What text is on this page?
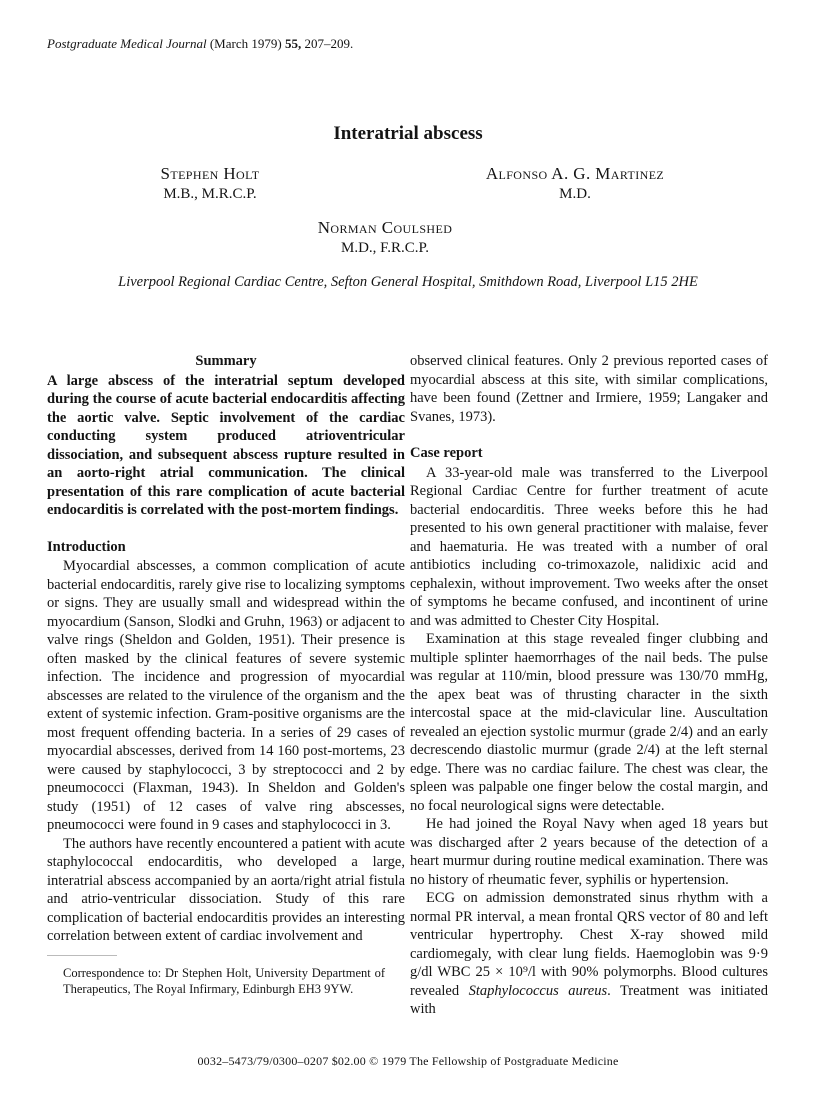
Postgraduate Medical Journal (March 1979) 55, 207–209.
Interatrial abscess
Stephen Holt
M.B., M.R.C.P.
Alfonso A. G. Martinez
M.D.
Norman Coulshed
M.D., F.R.C.P.
Liverpool Regional Cardiac Centre, Sefton General Hospital, Smithdown Road, Liverpool L15 2HE
Summary

A large abscess of the interatrial septum developed during the course of acute bacterial endocarditis affecting the aortic valve. Septic involvement of the cardiac conducting system produced atrioventricular dissociation, and subsequent abscess rupture resulted in an aorto-right atrial communication. The clinical presentation of this rare complication of acute bacterial endocarditis is correlated with the post-mortem findings.

Introduction

Myocardial abscesses, a common complication of acute bacterial endocarditis, rarely give rise to localizing symptoms or signs. They are usually small and widespread within the myocardium (Sanson, Slodki and Gruhn, 1963) or adjacent to valve rings (Sheldon and Golden, 1951). Their presence is often masked by the clinical features of severe systemic infection. The incidence and progression of myocardial abscesses are related to the virulence of the organism and the extent of systemic infection. Gram-positive organisms are the most frequent offending bacteria. In a series of 29 cases of myocardial abscesses, derived from 14 160 post-mortems, 23 were caused by staphylococci, 3 by streptococci and 2 by pneumococci (Flaxman, 1943). In Sheldon and Golden's study (1951) of 12 cases of valve ring abscesses, pneumococci were found in 9 cases and staphylococci in 3.

The authors have recently encountered a patient with acute staphylococcal endocarditis, who developed a large, interatrial abscess accompanied by an aorta/right atrial fistula and atrio-ventricular dissociation. Study of this rare complication of bacterial endocarditis provides an interesting correlation between extent of cardiac involvement and

Correspondence to: Dr Stephen Holt, University Department of Therapeutics, The Royal Infirmary, Edinburgh EH3 9YW.

observed clinical features. Only 2 previous reported cases of myocardial abscess at this site, with similar complications, have been found (Zettner and Irmiere, 1959; Langaker and Svanes, 1973).

Case report

A 33-year-old male was transferred to the Liverpool Regional Cardiac Centre for further treatment of acute bacterial endocarditis. Three weeks before this he had presented to his own general practitioner with malaise, fever and haematuria. He was treated with a number of oral antibiotics including co-trimoxazole, nalidixic acid and cephalexin, without improvement. Two weeks after the onset of symptoms he became confused, and incontinent of urine and was admitted to Chester City Hospital.

Examination at this stage revealed finger clubbing and multiple splinter haemorrhages of the nail beds. The pulse was regular at 110/min, blood pressure was 130/70 mmHg, the apex beat was of thrusting character in the sixth intercostal space at the mid-clavicular line. Auscultation revealed an ejection systolic murmur (grade 2/4) and an early decrescendo diastolic murmur (grade 2/4) at the left sternal edge. There was no cardiac failure. The chest was clear, the spleen was palpable one finger below the costal margin, and no focal neurological signs were detectable.

He had joined the Royal Navy when aged 18 years but was discharged after 2 years because of the detection of a heart murmur during routine medical examination. There was no history of rheumatic fever, syphilis or hypertension.

ECG on admission demonstrated sinus rhythm with a normal PR interval, a mean frontal QRS vector of 80 and left ventricular hypertrophy. Chest X-ray showed mild cardiomegaly, with clear lung fields. Haemoglobin was 9·9 g/dl WBC 25 × 10⁹/l with 90% polymorphs. Blood cultures revealed Staphylococcus aureus. Treatment was initiated with

0032–5473/79/0300–0207 $02.00 © 1979 The Fellowship of Postgraduate Medicine
